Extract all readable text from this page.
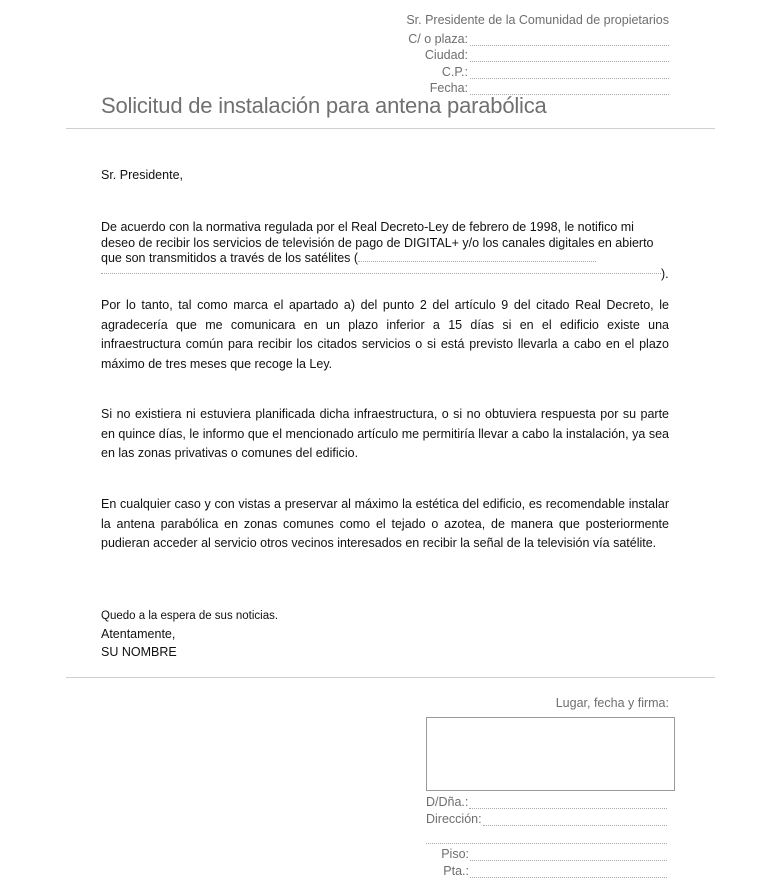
Sr. Presidente de la Comunidad de propietarios
C/ o plaza:
Ciudad:
C.P.:
Fecha:
Solicitud de instalación para antena parabólica

Sr. Presidente,

De acuerdo con la normativa regulada por el Real Decreto-Ley de febrero de 1998, le notifico mi deseo de recibir los servicios de televisión de pago de DIGITAL+ y/o los canales digitales en abierto que son transmitidos a través de los satélites (
).

Por lo tanto, tal como marca el apartado a) del punto 2 del artículo 9 del citado Real Decreto, le agradecería que me comunicara en un plazo inferior a 15 días si en el edificio existe una infraestructura común para recibir los citados servicios o si está previsto llevarla a cabo en el plazo máximo de tres meses que recoge la Ley.

Si no existiera ni estuviera planificada dicha infraestructura, o si no obtuviera respuesta por su parte en quince días, le informo que el mencionado artículo me permitiría llevar a cabo la instalación, ya sea en las zonas privativas o comunes del edificio.

En cualquier caso y con vistas a preservar al máximo la estética del edificio, es recomendable instalar la antena parabólica en zonas comunes como el tejado o azotea, de manera que posteriormente pudieran acceder al servicio otros vecinos interesados en recibir la señal de la televisión vía satélite.

Quedo a la espera de sus noticias.
Atentamente,
SU NOMBRE
Lugar, fecha y firma:
D/Dña.:
Dirección:
Piso:
Pta.:
